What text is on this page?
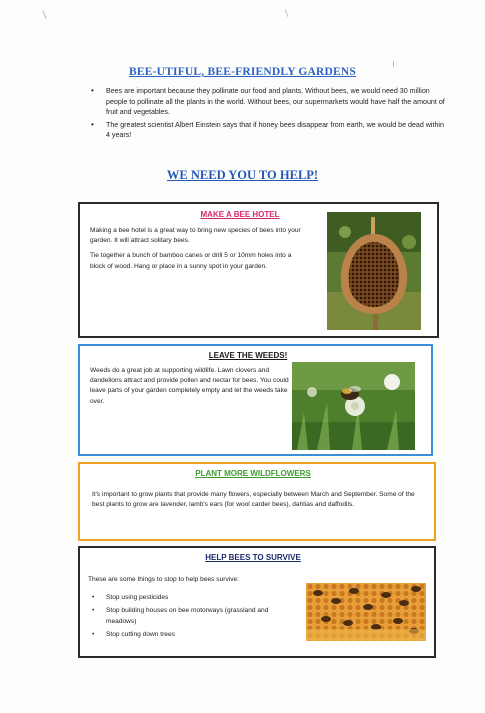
BEE-UTIFUL, BEE-FRIENDLY GARDENS
• Bees are important because they pollinate our food and plants. Without bees, we would need 30 million people to pollinate all the plants in the world. Without bees, our supermarkets would have half the amount of fruit and vegetables.
• The greatest scientist Albert Einstein says that if honey bees disappear from earth, we would be dead within 4 years!
WE NEED YOU TO HELP!
MAKE A BEE HOTEL

Making a bee hotel is a great way to bring new species of bees into your garden. It will attract solitary bees.

Tie together a bunch of bamboo canes or drill 5 or 10mm holes into a block of wood. Hang or place in a sunny spot in your garden.

LEAVE THE WEEDS!

Weeds do a great job at supporting wildlife. Lawn clovers and dandelions attract and provide pollen and nectar for bees. You could leave parts of your garden completely empty and let the weeds take over.

PLANT MORE WILDFLOWERS

It's important to grow plants that provide many flowers, especially between March and September. Some of the best plants to grow are lavender, lamb's ears (for wool carder bees), dahlias and daffodils.

HELP BEES TO SURVIVE

These are some things to stop to help bees survive:

• Stop using pesticides
• Stop building houses on bee motorways (grassland and meadows)
• Stop cutting down trees
